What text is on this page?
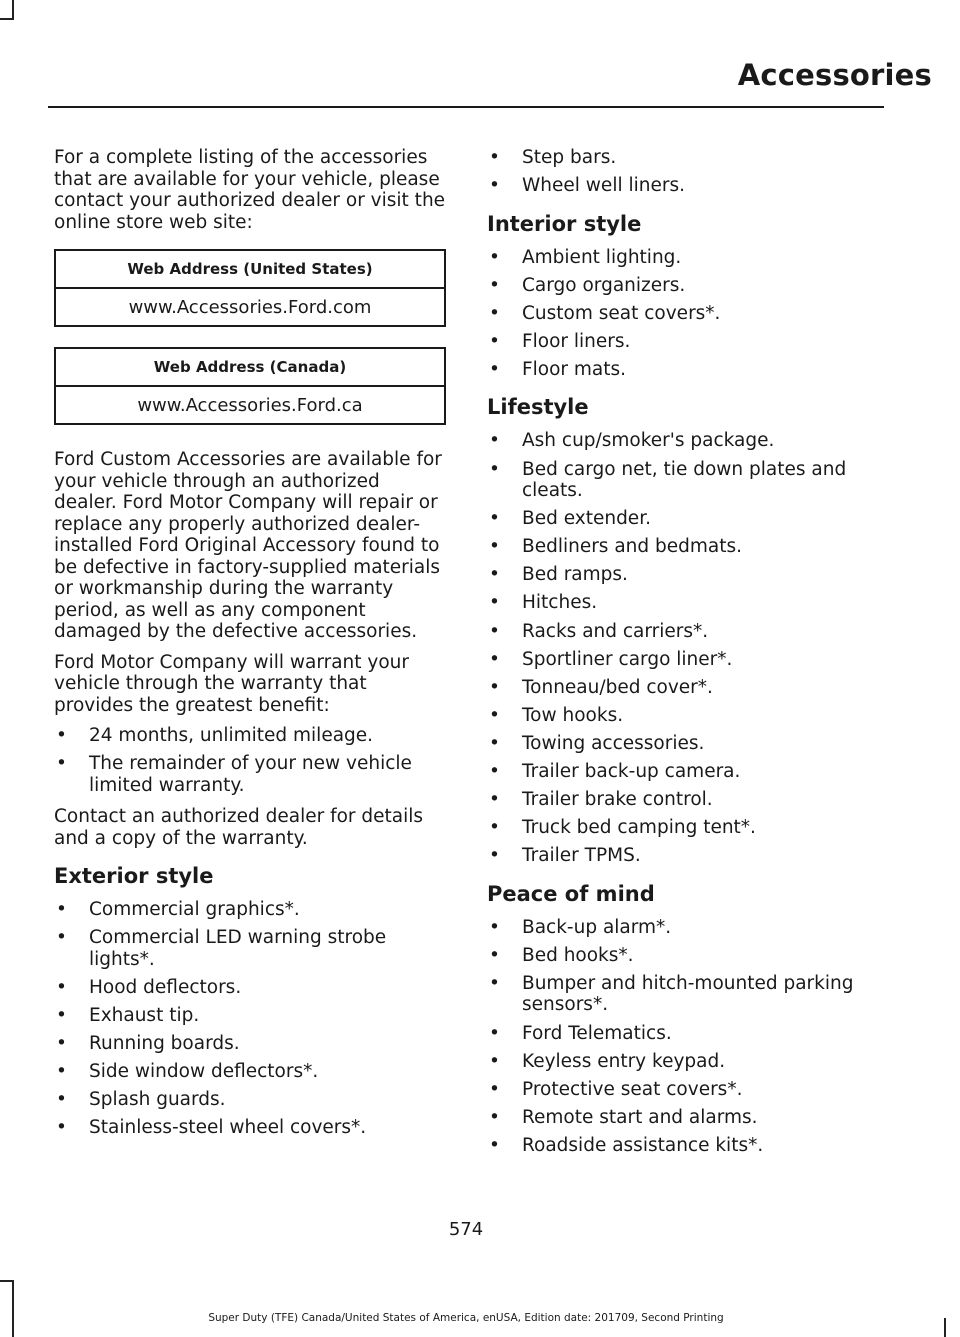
Accessories

For a complete listing of the accessories that are available for your vehicle, please contact your authorized dealer or visit the online store web site:

Web Address (United States)
www.Accessories.Ford.com
Web Address (Canada)
www.Accessories.Ford.ca

Ford Custom Accessories are available for your vehicle through an authorized dealer. Ford Motor Company will repair or replace any properly authorized dealer-installed Ford Original Accessory found to be defective in factory-supplied materials or workmanship during the warranty period, as well as any component damaged by the defective accessories.

Ford Motor Company will warrant your vehicle through the warranty that provides the greatest benefit:

• 24 months, unlimited mileage.
• The remainder of your new vehicle limited warranty.

Contact an authorized dealer for details and a copy of the warranty.

Exterior style
• Commercial graphics*.
• Commercial LED warning strobe lights*.
• Hood deflectors.
• Exhaust tip.
• Running boards.
• Side window deflectors*.
• Splash guards.
• Stainless-steel wheel covers*.
• Step bars.
• Wheel well liners.
Interior style
• Ambient lighting.
• Cargo organizers.
• Custom seat covers*.
• Floor liners.
• Floor mats.
Lifestyle
• Ash cup/smoker's package.
• Bed cargo net, tie down plates and cleats.
• Bed extender.
• Bedliners and bedmats.
• Bed ramps.
• Hitches.
• Racks and carriers*.
• Sportliner cargo liner*.
• Tonneau/bed cover*.
• Tow hooks.
• Towing accessories.
• Trailer back-up camera.
• Trailer brake control.
• Truck bed camping tent*.
• Trailer TPMS.
Peace of mind
• Back-up alarm*.
• Bed hooks*.
• Bumper and hitch-mounted parking sensors*.
• Ford Telematics.
• Keyless entry keypad.
• Protective seat covers*.
• Remote start and alarms.
• Roadside assistance kits*.
574
Super Duty (TFE) Canada/United States of America, enUSA, Edition date: 201709, Second Printing
